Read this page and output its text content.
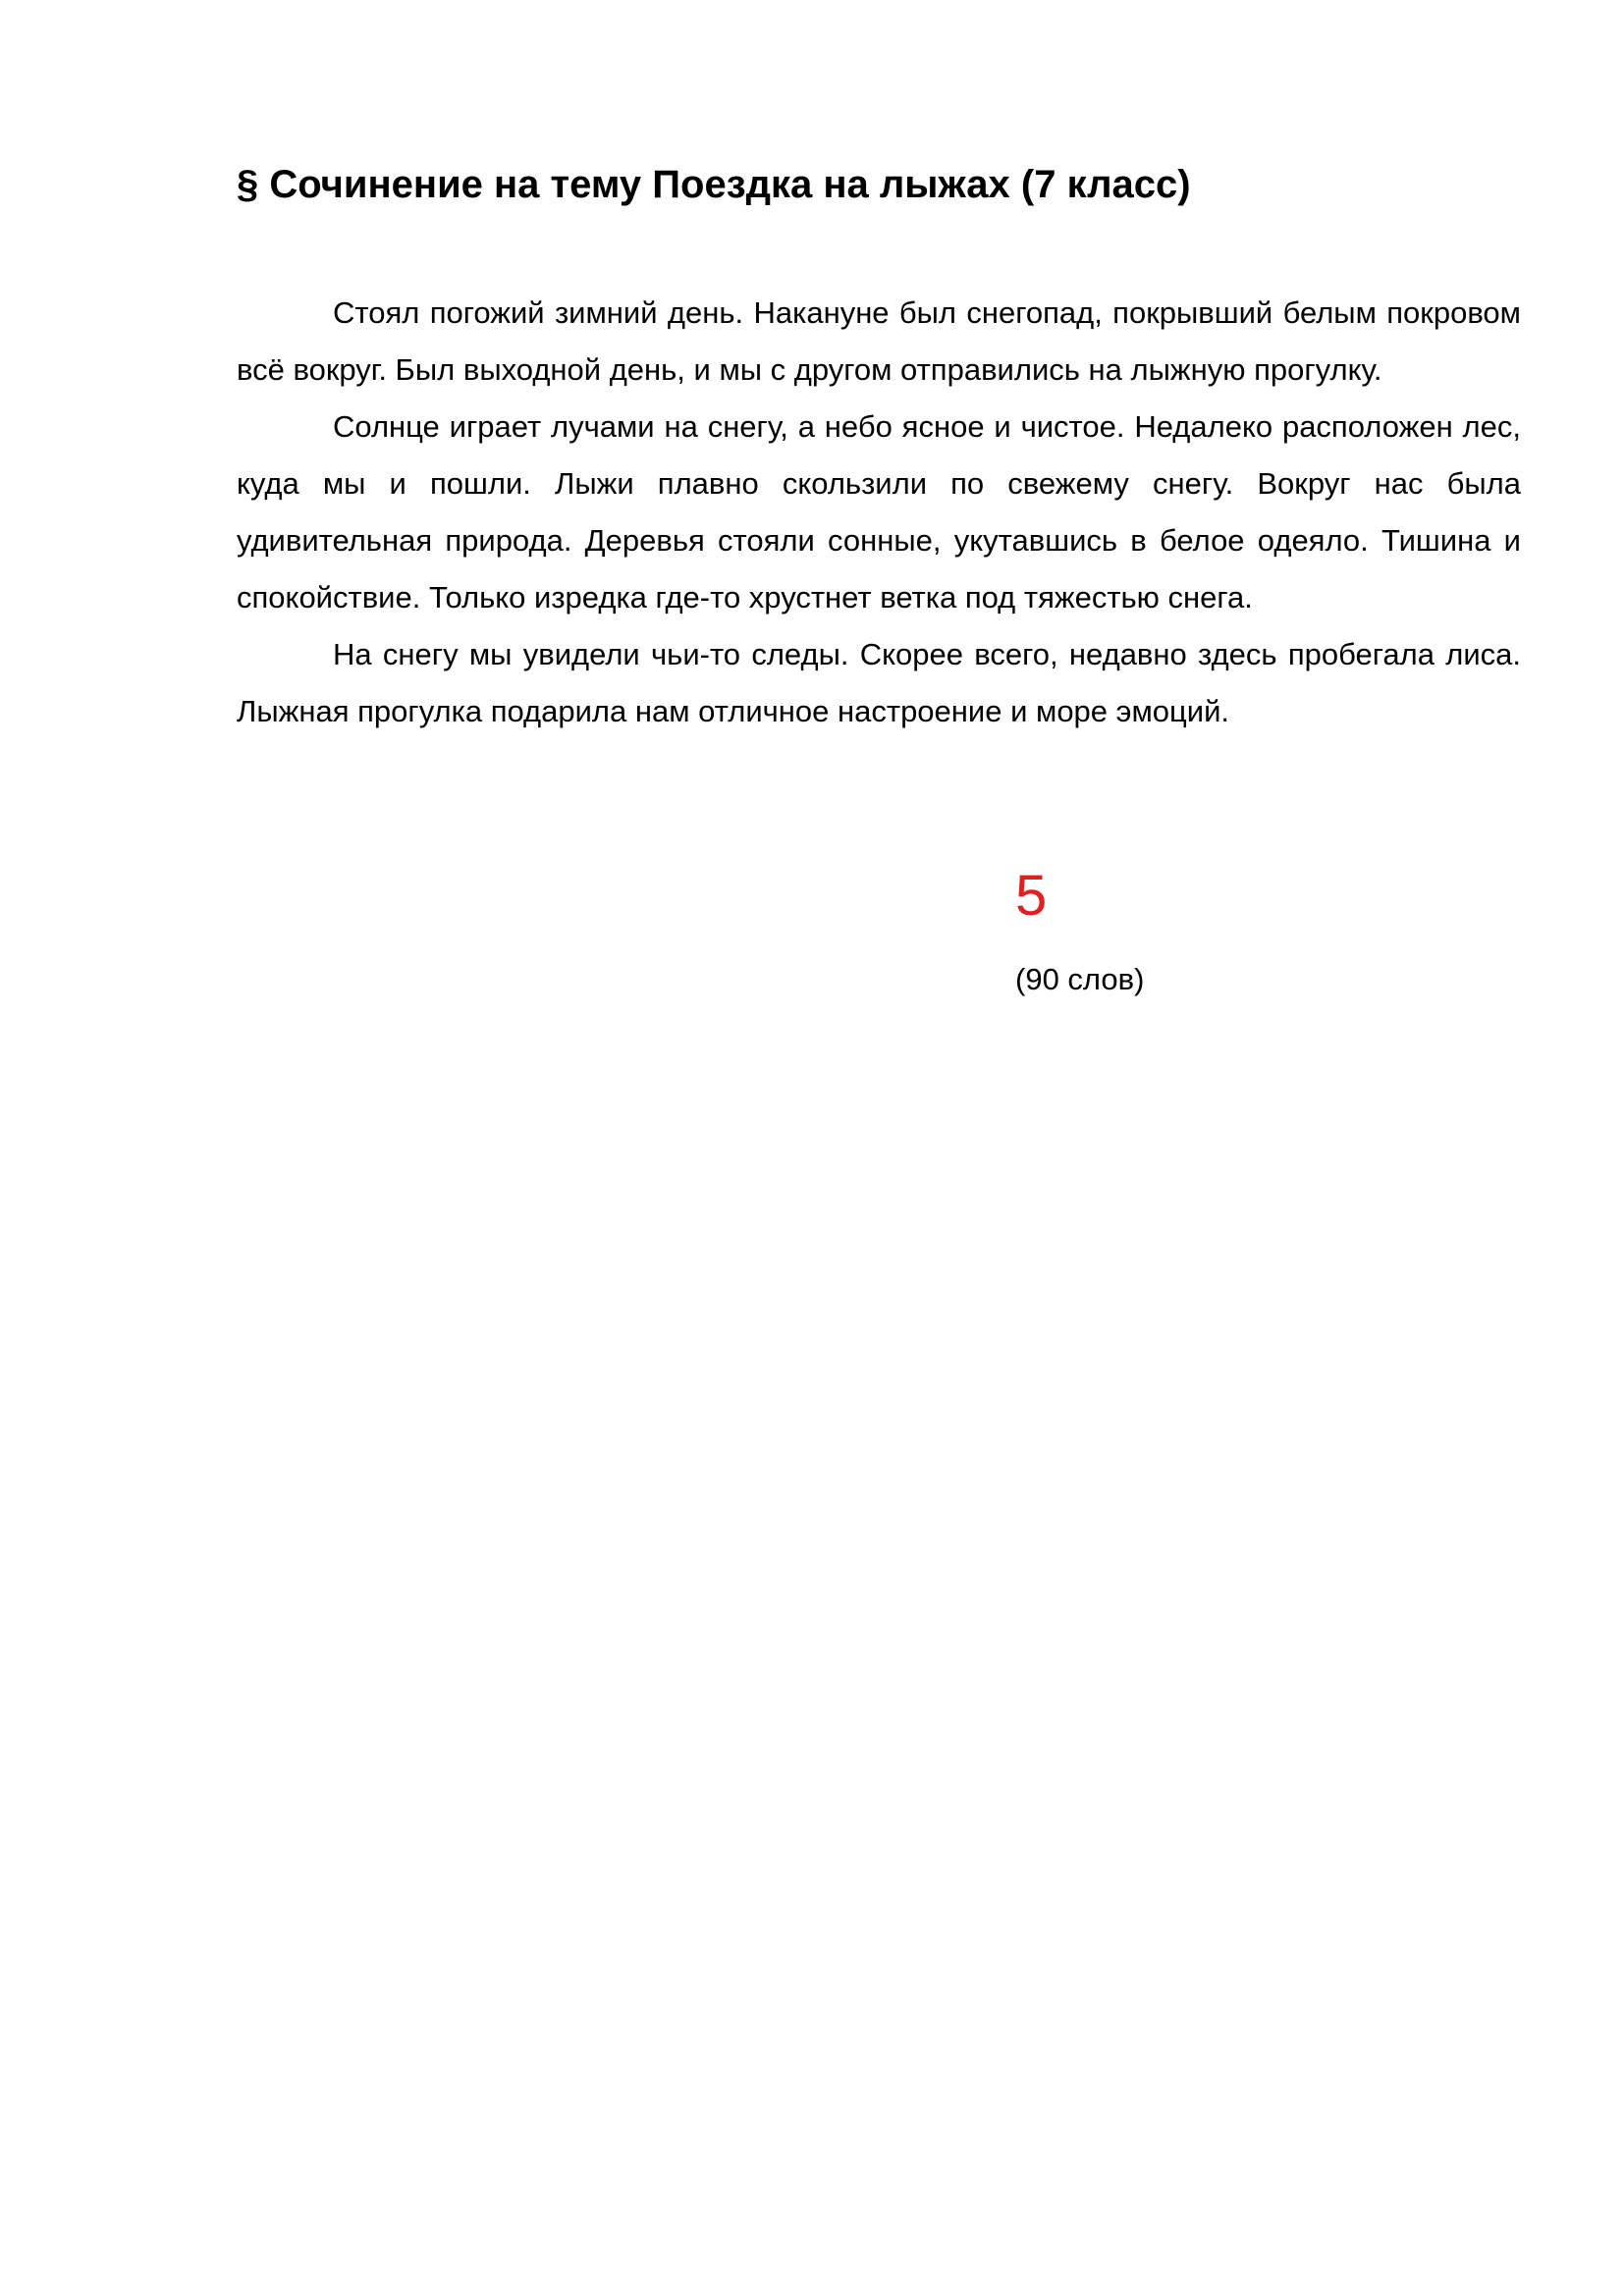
§ Сочинение на тему Поездка на лыжах (7 класс)

Стоял погожий зимний день. Накануне был снегопад, покрывший белым покровом всё вокруг. Был выходной день, и мы с другом отправились на лыжную прогулку.

Солнце играет лучами на снегу, а небо ясное и чистое. Недалеко расположен лес, куда мы и пошли. Лыжи плавно скользили по свежему снегу. Вокруг нас была удивительная природа. Деревья стояли сонные, укутавшись в белое одеяло. Тишина и спокойствие. Только изредка где-то хрустнет ветка под тяжестью снега.

На снегу мы увидели чьи-то следы. Скорее всего, недавно здесь пробегала лиса. Лыжная прогулка подарила нам отличное настроение и море эмоций.

5
(90 слов)
